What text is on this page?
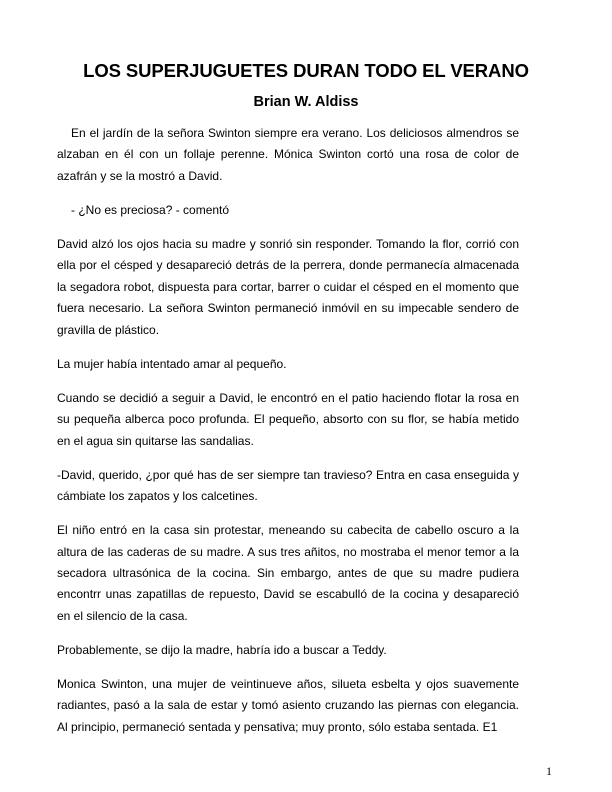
LOS SUPERJUGUETES DURAN TODO EL VERANO
Brian W. Aldiss

En el jardín de la señora Swinton siempre era verano. Los deliciosos almendros se alzaban en él con un follaje perenne. Mónica Swinton cortó una rosa de color de azafrán y se la mostró a David.

- ¿No es preciosa? - comentó

David alzó los ojos hacia su madre y sonrió sin responder. Tomando la flor, corrió con ella por el césped y desapareció detrás de la perrera, donde permanecía almacenada la segadora robot, dispuesta para cortar, barrer o cuidar el césped en el momento que fuera necesario. La señora Swinton permaneció inmóvil en su impecable sendero de gravilla de plástico.

La mujer había intentado amar al pequeño.

Cuando se decidió a seguir a David, le encontró en el patio haciendo flotar la rosa en su pequeña alberca poco profunda. El pequeño, absorto con su flor, se había metido en el agua sin quitarse las sandalias.

-David, querido, ¿por qué has de ser siempre tan travieso? Entra en casa enseguida y cámbiate los zapatos y los calcetines.

El niño entró en la casa sin protestar, meneando su cabecita de cabello oscuro a la altura de las caderas de su madre. A sus tres añitos, no mostraba el menor temor a la secadora ultrasónica de la cocina. Sin embargo, antes de que su madre pudiera encontrr unas zapatillas de repuesto, David se escabulló de la cocina y desapareció en el silencio de la casa.

Probablemente, se dijo la madre, habría ido a buscar a Teddy.

Monica Swinton, una mujer de veintinueve años, silueta esbelta y ojos suavemente radiantes, pasó a la sala de estar y tomó asiento cruzando las piernas con elegancia. Al principio, permaneció sentada y pensativa; muy pronto, sólo estaba sentada. E1

1
